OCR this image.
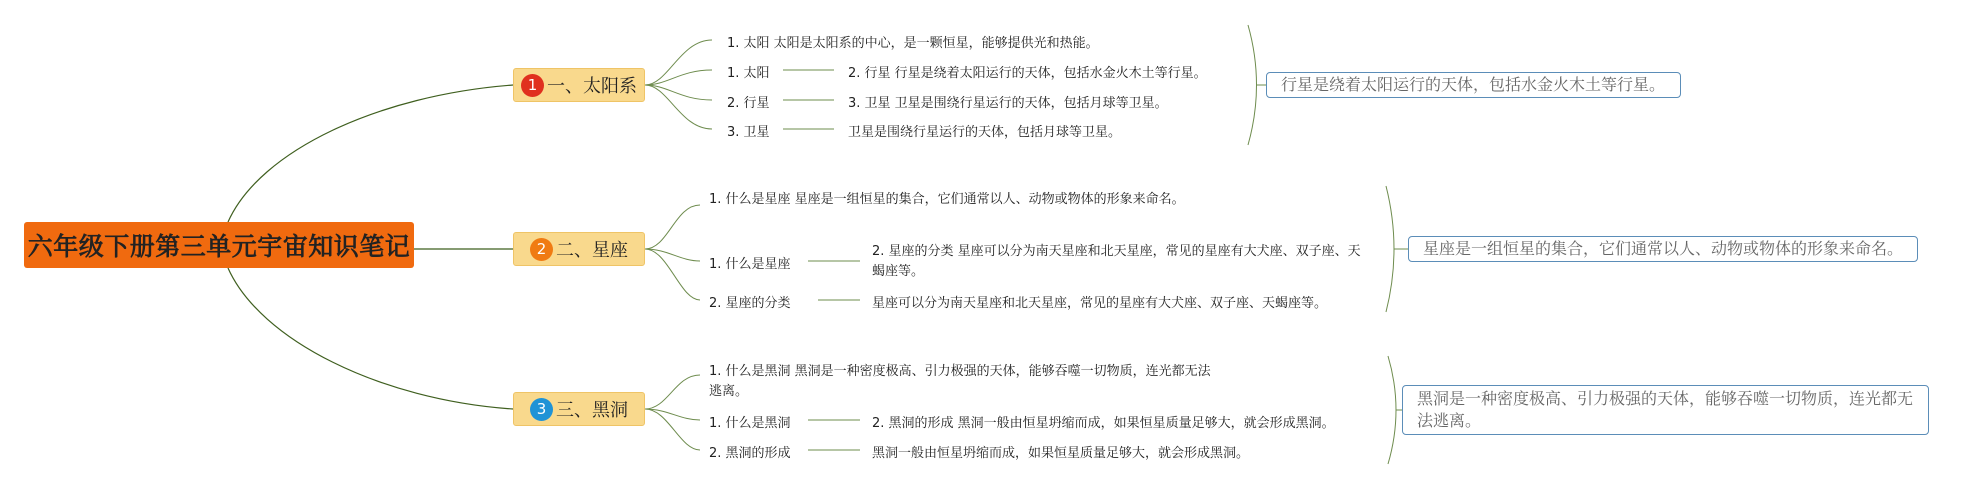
六年级下册第三单元宇宙知识笔记
1 一、太阳系
1. 太阳 太阳是太阳系的中心，是一颗恒星，能够提供光和热能。
1. 太阳
2. 行星
3. 卫星
2. 行星 行星是绕着太阳运行的天体，包括水金火木土等行星。
3. 卫星 卫星是围绕行星运行的天体，包括月球等卫星。
卫星是围绕行星运行的天体，包括月球等卫星。
行星是绕着太阳运行的天体，包括水金火木土等行星。
2 二、星座
1. 什么是星座 星座是一组恒星的集合，它们通常以人、动物或物体的形象来命名。
1. 什么是星座
2. 星座的分类
2. 星座的分类 星座可以分为南天星座和北天星座，常见的星座有大犬座、双子座、天蝎座等。
星座可以分为南天星座和北天星座，常见的星座有大犬座、双子座、天蝎座等。
星座是一组恒星的集合，它们通常以人、动物或物体的形象来命名。
3 三、黑洞
1. 什么是黑洞 黑洞是一种密度极高、引力极强的天体，能够吞噬一切物质，连光都无法逃离。
1. 什么是黑洞
2. 黑洞的形成
2. 黑洞的形成 黑洞一般由恒星坍缩而成，如果恒星质量足够大，就会形成黑洞。
黑洞一般由恒星坍缩而成，如果恒星质量足够大，就会形成黑洞。
黑洞是一种密度极高、引力极强的天体，能够吞噬一切物质，连光都无法逃离。
